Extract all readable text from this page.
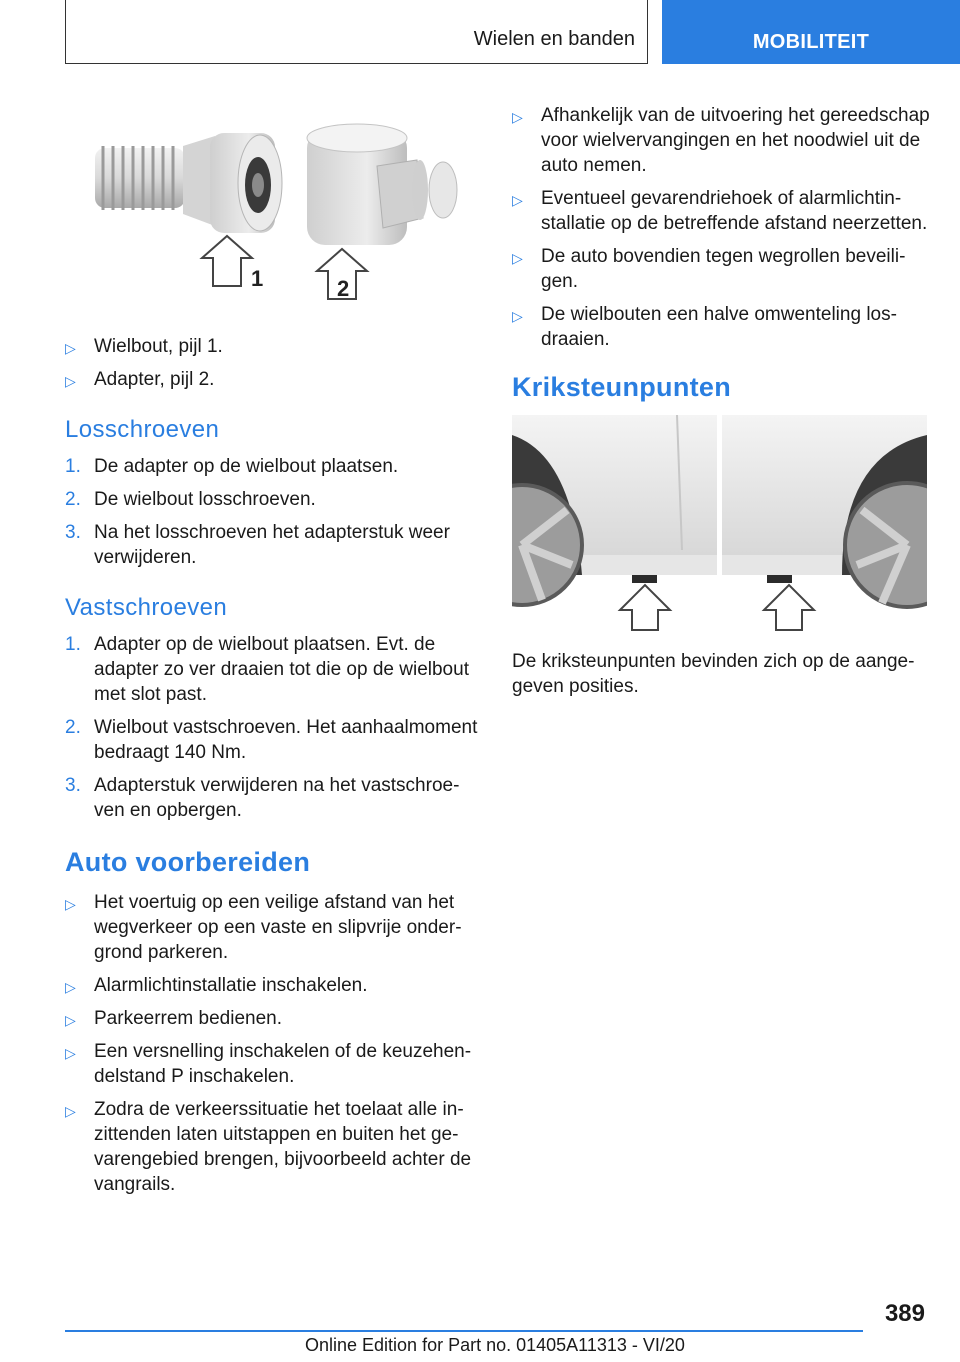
Wielen en banden	MOBILITEIT
1	2
▷ Wielbout, pijl 1.
▷ Adapter, pijl 2.
Losschroeven
1. De adapter op de wielbout plaatsen.
2. De wielbout losschroeven.
3. Na het losschroeven het adapterstuk weer verwijderen.
Vastschroeven
1. Adapter op de wielbout plaatsen. Evt. de adapter zo ver draaien tot die op de wielbout met slot past.
2. Wielbout vastschroeven. Het aanhaalmoment bedraagt 140 Nm.
3. Adapterstuk verwijderen na het vastschroeven en opbergen.
Auto voorbereiden
▷ Het voertuig op een veilige afstand van het wegverkeer op een vaste en slipvrije ondergrond parkeren.
▷ Alarmlichtinstallatie inschakelen.
▷ Parkeerrem bedienen.
▷ Een versnelling inschakelen of de keuzehendelstand P inschakelen.
▷ Zodra de verkeerssituatie het toelaat alle inzittenden laten uitstappen en buiten het gevarengebied brengen, bijvoorbeeld achter de vangrails.
▷ Afhankelijk van de uitvoering het gereedschap voor wielvervangingen en het noodwiel uit de auto nemen.
▷ Eventueel gevarendriehoek of alarmlichtinstallatie op de betreffende afstand neerzetten.
▷ De auto bovendien tegen wegrollen beveiligen.
▷ De wielbouten een halve omwenteling losdraaien.
Kriksteunpunten

De kriksteunpunten bevinden zich op de aangegeven posities.

389
Online Edition for Part no. 01405A11313 - VI/20
